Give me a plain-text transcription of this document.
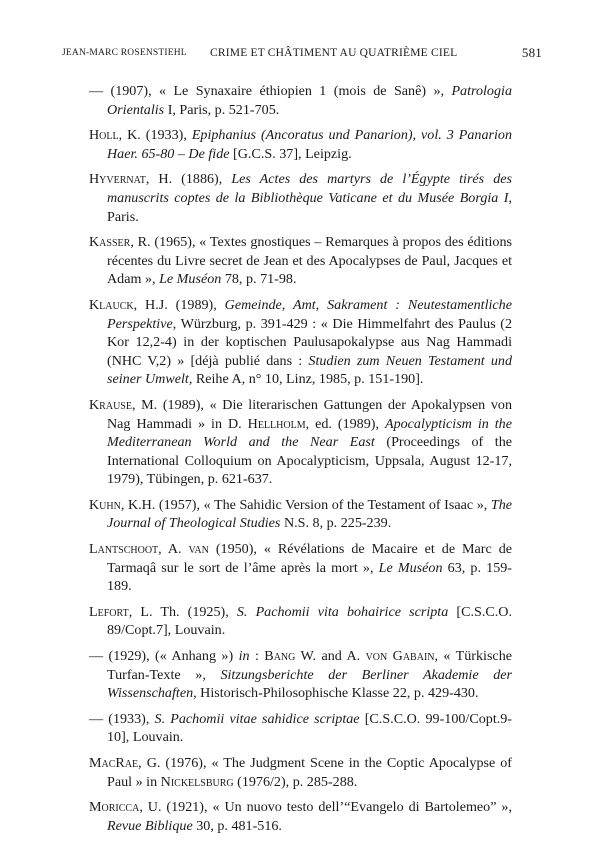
JEAN-MARC ROSENSTIEHL CRIME ET CHÂTIMENT AU QUATRIÈME CIEL	581

— (1907), « Le Synaxaire éthiopien 1 (mois de Sanê) », Patrologia Orientalis I, Paris, p. 521-705.

Holl, K. (1933), Epiphanius (Ancoratus und Panarion), vol. 3 Panarion Haer. 65-80 – De fide [G.C.S. 37], Leipzig.

Hyvernat, H. (1886), Les Actes des martyrs de l’Égypte tirés des manuscrits coptes de la Bibliothèque Vaticane et du Musée Borgia I, Paris.

Kasser, R. (1965), « Textes gnostiques – Remarques à propos des éditions récentes du Livre secret de Jean et des Apocalypses de Paul, Jacques et Adam », Le Muséon 78, p. 71-98.

Klauck, H.J. (1989), Gemeinde, Amt, Sakrament : Neutestamentliche Perspektive, Würzburg, p. 391-429 : « Die Himmelfahrt des Paulus (2 Kor 12,2-4) in der koptischen Paulusapokalypse aus Nag Hammadi (NHC V,2) » [déjà publié dans : Studien zum Neuen Testament und seiner Umwelt, Reihe A, n° 10, Linz, 1985, p. 151-190].

Krause, M. (1989), « Die literarischen Gattungen der Apokalypsen von Nag Hammadi » in D. Hellholm, ed. (1989), Apocalypticism in the Mediterranean World and the Near East (Proceedings of the International Colloquium on Apocalypticism, Uppsala, August 12-17, 1979), Tübingen, p. 621-637.

Kuhn, K.H. (1957), « The Sahidic Version of the Testament of Isaac », The Journal of Theological Studies N.S. 8, p. 225-239.

Lantschoot, A. van (1950), « Révélations de Macaire et de Marc de Tarmaqâ sur le sort de l’âme après la mort », Le Muséon 63, p. 159-189.

Lefort, L. Th. (1925), S. Pachomii vita bohairice scripta [C.S.C.O. 89/Copt.7], Louvain.

— (1929), (« Anhang ») in : Bang W. and A. von Gabain, « Türkische Turfan-Texte », Sitzungsberichte der Berliner Akademie der Wissenschaften, Historisch-Philosophische Klasse 22, p. 429-430.

— (1933), S. Pachomii vitae sahidice scriptae [C.S.C.O. 99-100/Copt.9-10], Louvain.

MacRae, G. (1976), « The Judgment Scene in the Coptic Apocalypse of Paul » in Nickelsburg (1976/2), p. 285-288.

Moricca, U. (1921), « Un nuovo testo dell’“Evangelo di Bartolemeo” », Revue Biblique 30, p. 481-516.
